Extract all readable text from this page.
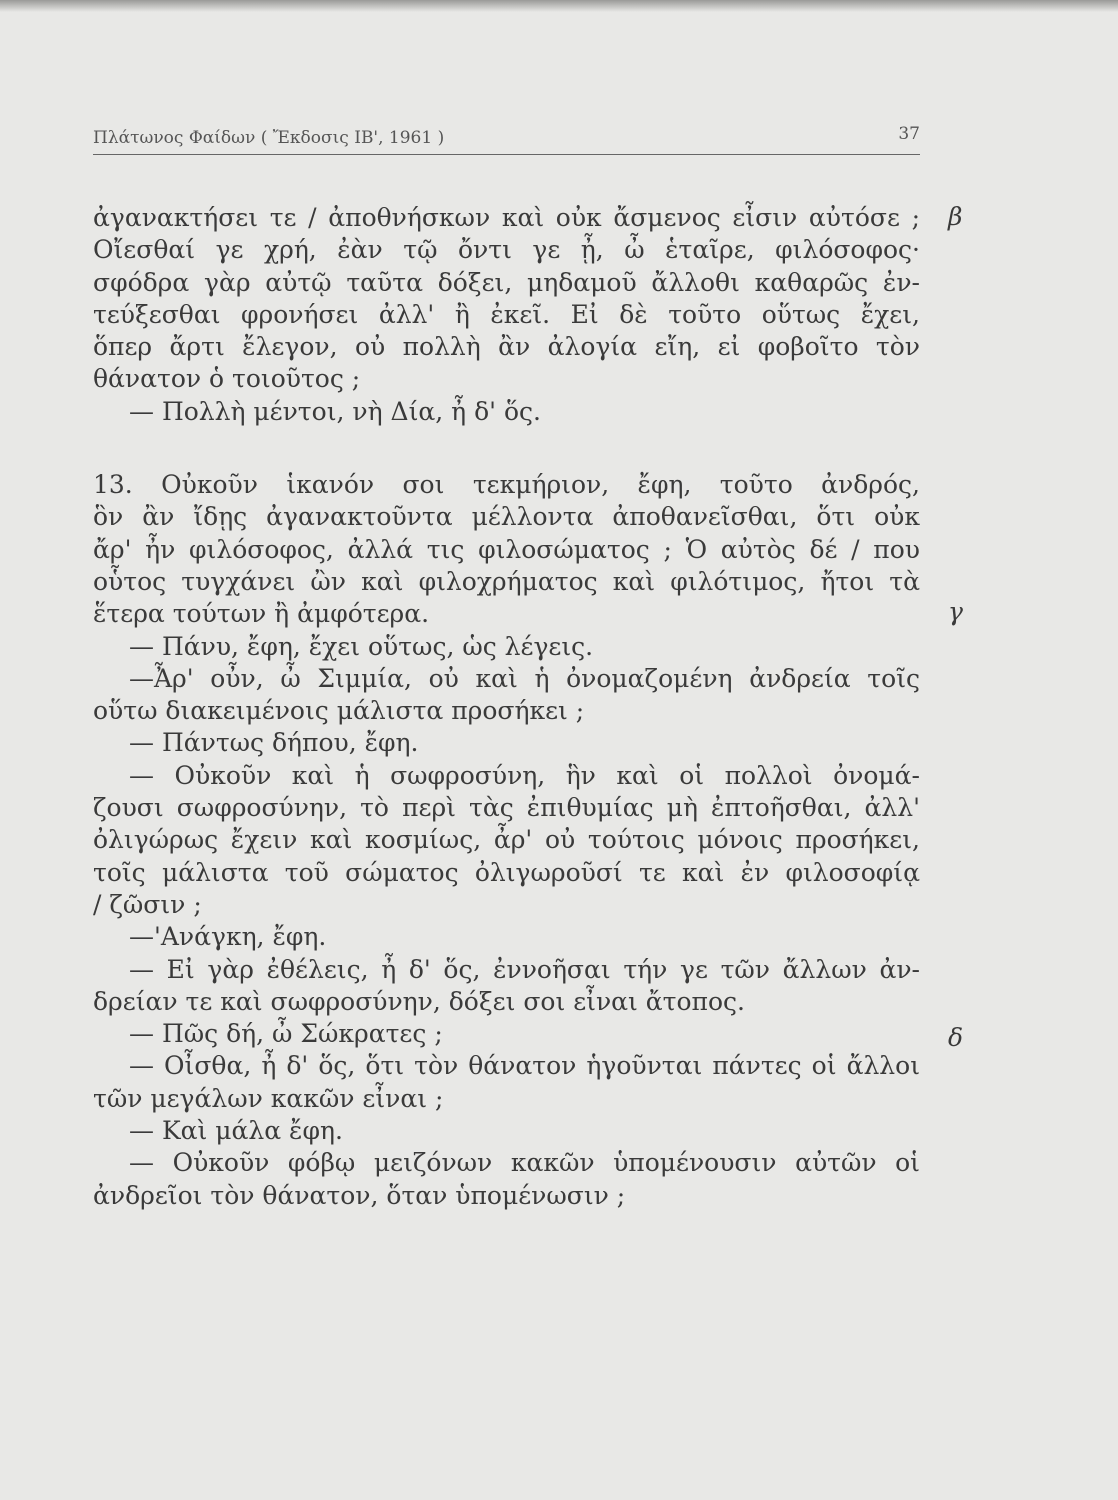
Πλάτωνος Φαίδων ( Ἔκδοσις ΙΒ', 1961 )	37
β
γ
δ
ἀγανακτήσει τε / ἀποθνήσκων καὶ οὐκ ἄσμενος εἶσιν αὐτόσε ;
Οἴεσθαί γε χρή, ἐὰν τῷ ὄντι γε ᾖ, ὦ ἑταῖρε, φιλόσοφος·
σφόδρα γὰρ αὐτῷ ταῦτα δόξει, μηδαμοῦ ἄλλοθι καθαρῶς ἐν-
τεύξεσθαι φρονήσει ἀλλ' ἢ ἐκεῖ. Εἰ δὲ τοῦτο οὕτως ἔχει,
ὅπερ ἄρτι ἔλεγον, οὐ πολλὴ ἂν ἀλογία εἴη, εἰ φοβοῖτο τὸν
θάνατον ὁ τοιοῦτος ;
— Πολλὴ μέντοι, νὴ Δία, ἦ δ' ὅς.
13. Οὐκοῦν ἱκανόν σοι τεκμήριον, ἔφη, τοῦτο ἀνδρός,
ὃν ἂν ἴδῃς ἀγανακτοῦντα μέλλοντα ἀποθανεῖσθαι, ὅτι οὐκ
ἄρ' ἦν φιλόσοφος, ἀλλά τις φιλοσώματος ; Ὁ αὐτὸς δέ / που
οὗτος τυγχάνει ὢν καὶ φιλοχρήματος καὶ φιλότιμος, ἤτοι τὰ
ἕτερα τούτων ἢ ἀμφότερα.
— Πάνυ, ἔφη, ἔχει οὕτως, ὡς λέγεις.
—Ἆρ' οὖν, ὦ Σιμμία, οὐ καὶ ἡ ὀνομαζομένη ἀνδρεία τοῖς
οὕτω διακειμένοις μάλιστα προσήκει ;
— Πάντως δήπου, ἔφη.
— Οὐκοῦν καὶ ἡ σωφροσύνη, ἣν καὶ οἱ πολλοὶ ὀνομά-
ζουσι σωφροσύνην, τὸ περὶ τὰς ἐπιθυμίας μὴ ἐπτοῆσθαι, ἀλλ'
ὀλιγώρως ἔχειν καὶ κοσμίως, ἆρ' οὐ τούτοις μόνοις προσήκει,
τοῖς μάλιστα τοῦ σώματος ὀλιγωροῦσί τε καὶ ἐν φιλοσοφίᾳ
/ ζῶσιν ;
—'Ανάγκη, ἔφη.
— Εἰ γὰρ ἐθέλεις, ἦ δ' ὅς, ἐννοῆσαι τήν γε τῶν ἄλλων ἀν-
δρείαν τε καὶ σωφροσύνην, δόξει σοι εἶναι ἄτοπος.
— Πῶς δή, ὦ Σώκρατες ;
— Οἶσθα, ἦ δ' ὅς, ὅτι τὸν θάνατον ἡγοῦνται πάντες οἱ ἄλλοι
τῶν μεγάλων κακῶν εἶναι ;
— Καὶ μάλα ἔφη.
— Οὐκοῦν φόβῳ μειζόνων κακῶν ὑπομένουσιν αὐτῶν οἱ
ἀνδρεῖοι τὸν θάνατον, ὅταν ὑπομένωσιν ;
